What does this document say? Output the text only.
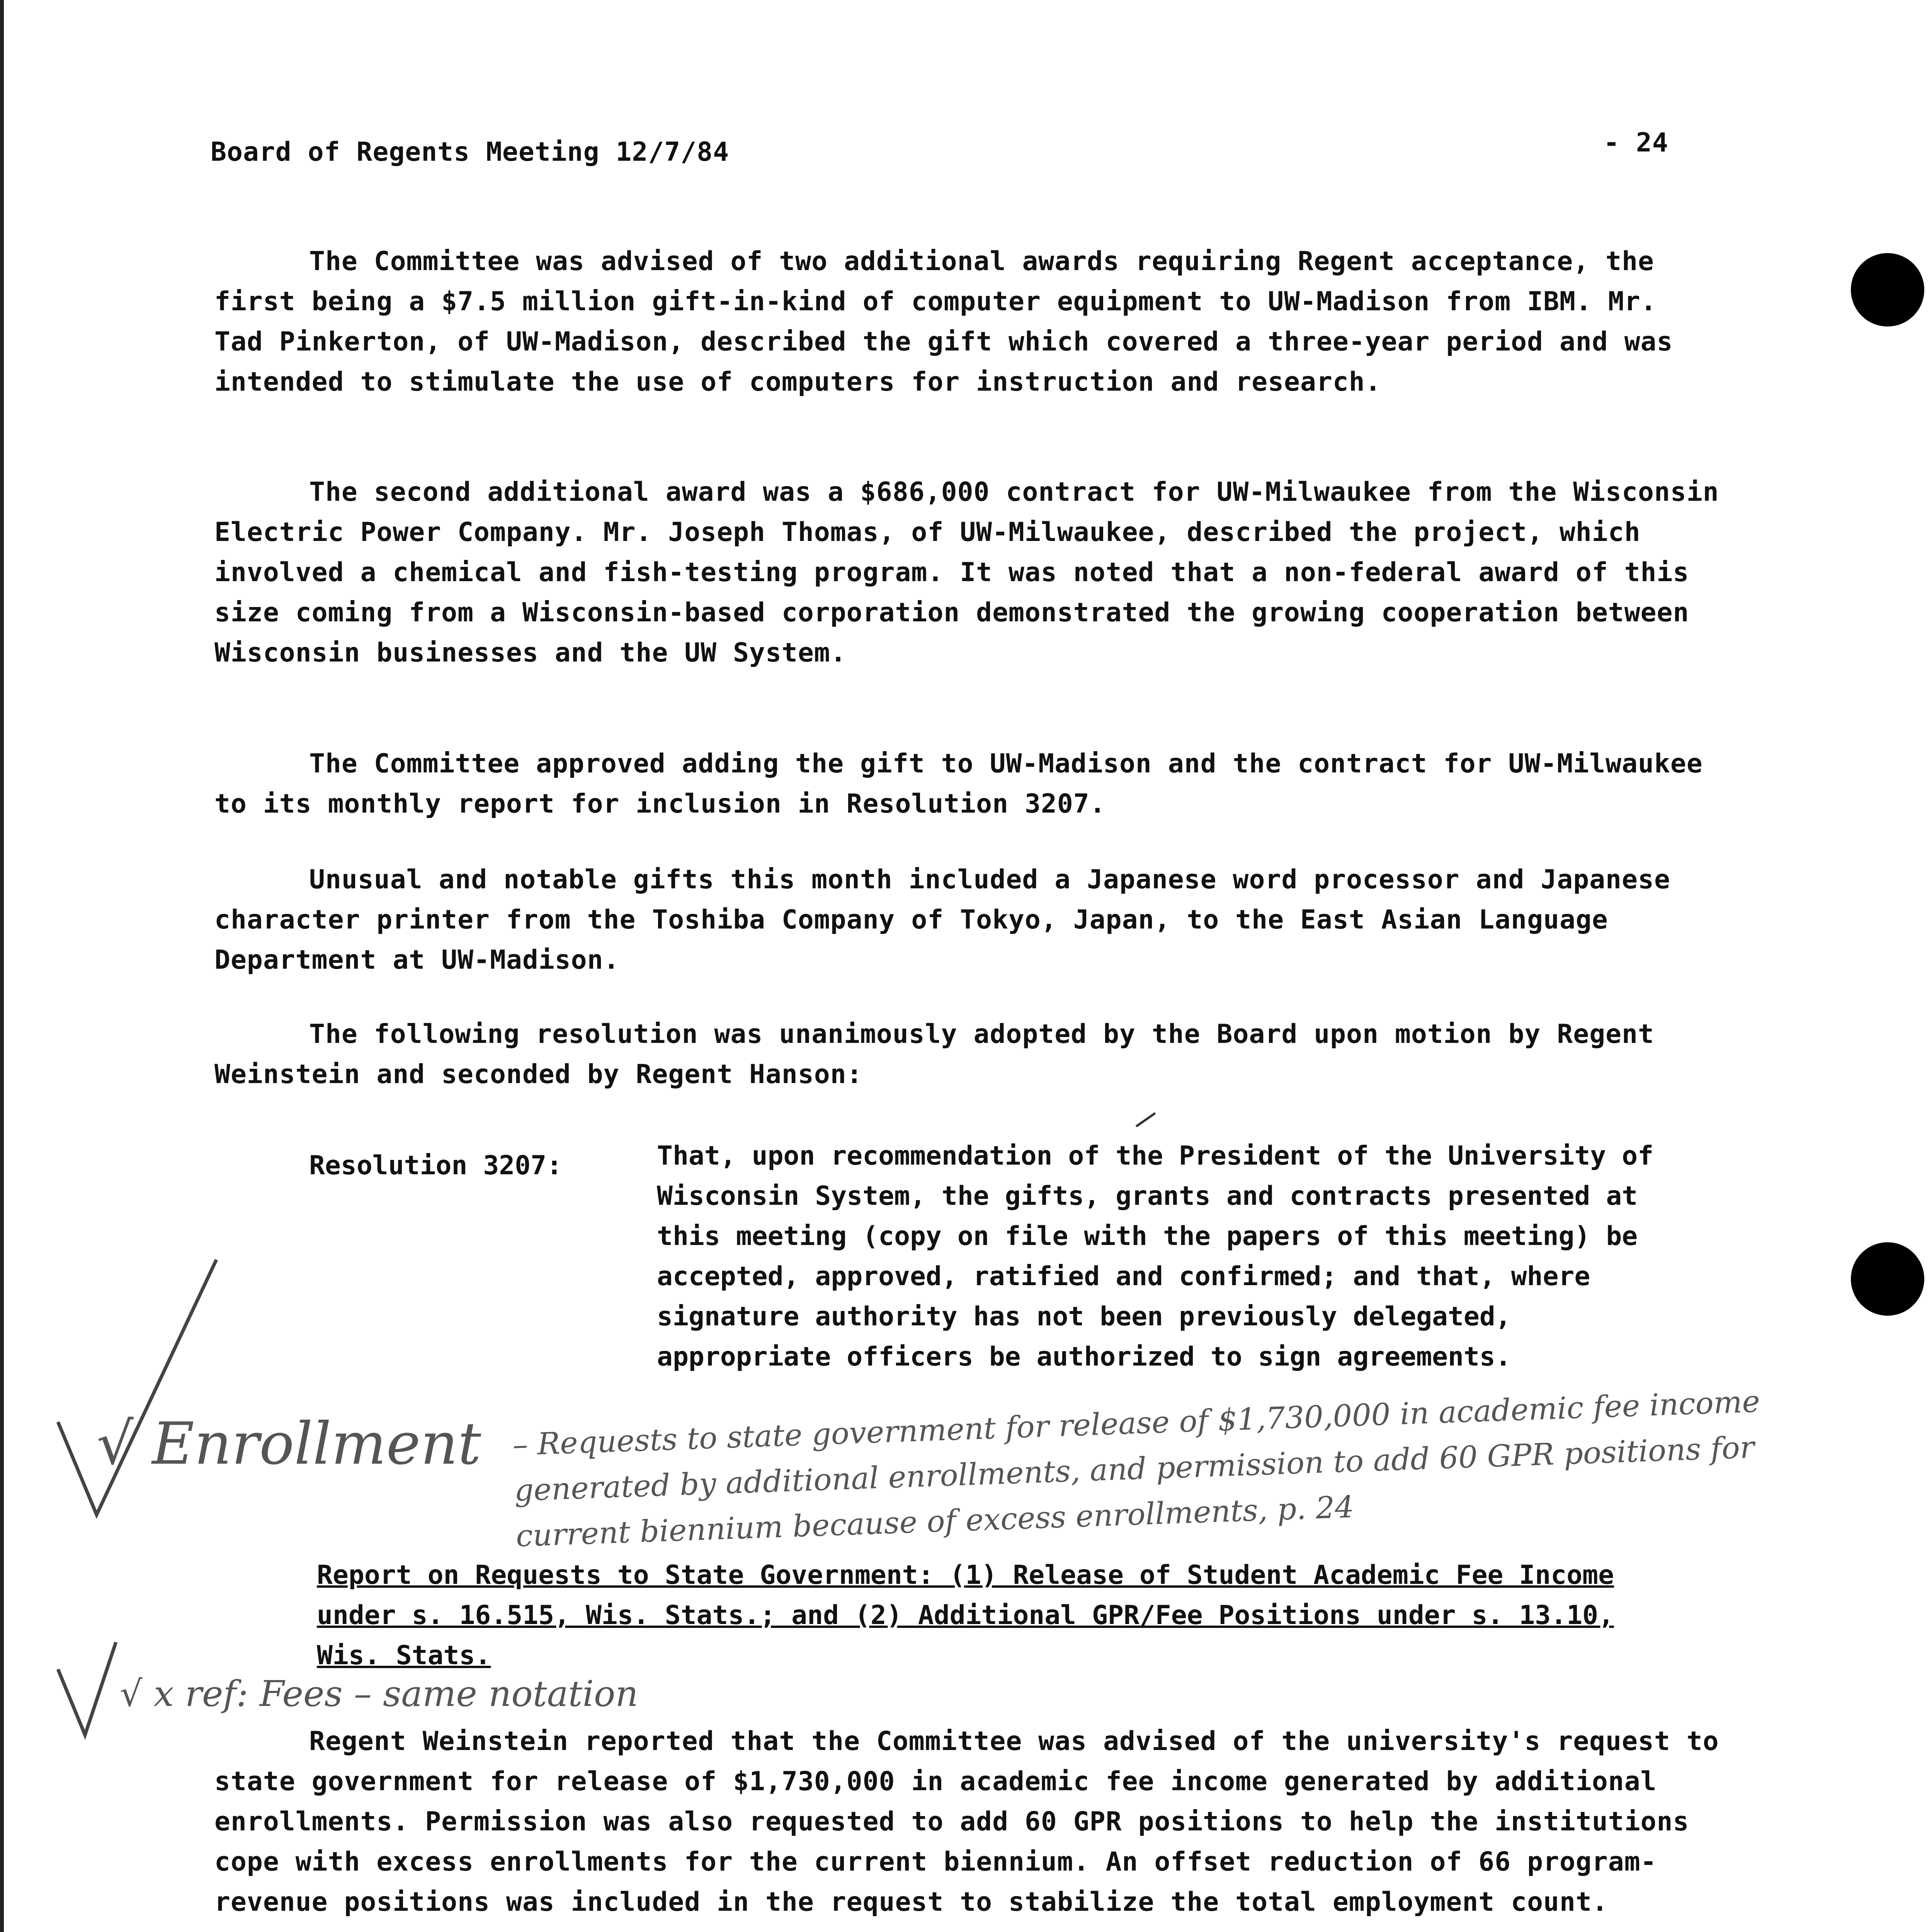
Board of Regents Meeting 12/7/84	- 24

The Committee was advised of two additional awards requiring Regent acceptance, the first being a $7.5 million gift-in-kind of computer equipment to UW-Madison from IBM. Mr. Tad Pinkerton, of UW-Madison, described the gift which covered a three-year period and was intended to stimulate the use of computers for instruction and research.

The second additional award was a $686,000 contract for UW-Milwaukee from the Wisconsin Electric Power Company. Mr. Joseph Thomas, of UW-Milwaukee, described the project, which involved a chemical and fish-testing program. It was noted that a non-federal award of this size coming from a Wisconsin-based corporation demonstrated the growing cooperation between Wisconsin businesses and the UW System.

The Committee approved adding the gift to UW-Madison and the contract for UW-Milwaukee to its monthly report for inclusion in Resolution 3207.

Unusual and notable gifts this month included a Japanese word processor and Japanese character printer from the Toshiba Company of Tokyo, Japan, to the East Asian Language Department at UW-Madison.

The following resolution was unanimously adopted by the Board upon motion by Regent Weinstein and seconded by Regent Hanson:

Resolution 3207:	That, upon recommendation of the President of the University of Wisconsin System, the gifts, grants and contracts presented at this meeting (copy on file with the papers of this meeting) be accepted, approved, ratified and confirmed; and that, where signature authority has not been previously delegated, appropriate officers be authorized to sign agreements.

Report on Requests to State Government: (1) Release of Student Academic Fee Income under s. 16.515, Wis. Stats.; and (2) Additional GPR/Fee Positions under s. 13.10, Wis. Stats.

Regent Weinstein reported that the Committee was advised of the university's request to state government for release of $1,730,000 in academic fee income generated by additional enrollments. Permission was also requested to add 60 GPR positions to help the institutions cope with excess enrollments for the current biennium. An offset reduction of 66 program-revenue positions was included in the request to stabilize the total employment count.

√ Enrollment – Requests to state government for release of $1,730,000 in academic fee income generated by additional enrollments, and permission to add 60 GPR positions for current biennium because of excess enrollments, p. 24
√ x ref: Fees – same notation
